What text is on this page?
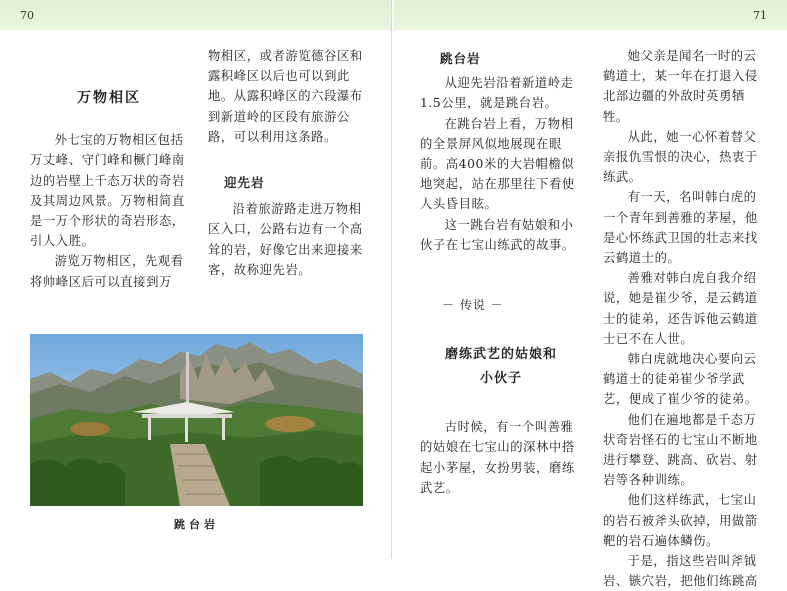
70
万物相区

外七宝的万物相区包括万丈峰、守门峰和橛门峰南边的岩壁上千态万状的奇岩及其周边风景。万物相简直是一万个形状的奇岩形态，引人入胜。

游览万物相区，先观看将帅峰区后可以直接到万

物相区，或者游览德谷区和露积峰区以后也可以到此地。从露积峰区的六段瀑布到新道岭的区段有旅游公路，可以利用这条路。

迎先岩

沿着旅游路走进万物相区入口，公路右边有一个高耸的岩，好像它出来迎接来客，故称迎先岩。

跳台岩
71
跳台岩

从迎先岩沿着新道岭走1.5公里，就是跳台岩。

在跳台岩上看，万物相的全景屏风似地展现在眼前。高400米的大岩帽檐似地突起，站在那里往下看使人头昏目眩。

这一跳台岩有姑娘和小伙子在七宝山练武的故事。

－ 传说 －
磨练武艺的姑娘和
小伙子

古时候，有一个叫善雅的姑娘在七宝山的深林中搭起小茅屋，女扮男装，磨练武艺。

她父亲是闻名一时的云鹤道士，某一年在打退入侵北部边疆的外敌时英勇牺牲。

从此，她一心怀着替父亲报仇雪恨的决心，热衷于练武。

有一天，名叫韩白虎的一个青年到善雅的茅屋，他是心怀练武卫国的壮志来找云鹤道士的。

善雅对韩白虎自我介绍说，她是崔少爷，是云鹤道士的徒弟，还告诉他云鹤道士已不在人世。

韩白虎就地决心要向云鹤道士的徒弟崔少爷学武艺，便成了崔少爷的徒弟。

他们在遍地都是千态万状奇岩怪石的七宝山不断地进行攀登、跳高、砍岩、射岩等各种训练。

他们这样练武，七宝山的岩石被斧头砍掉，用做箭靶的岩石遍体鳞伤。

于是，指这些岩叫斧钺岩、镞穴岩，把他们练跳高
